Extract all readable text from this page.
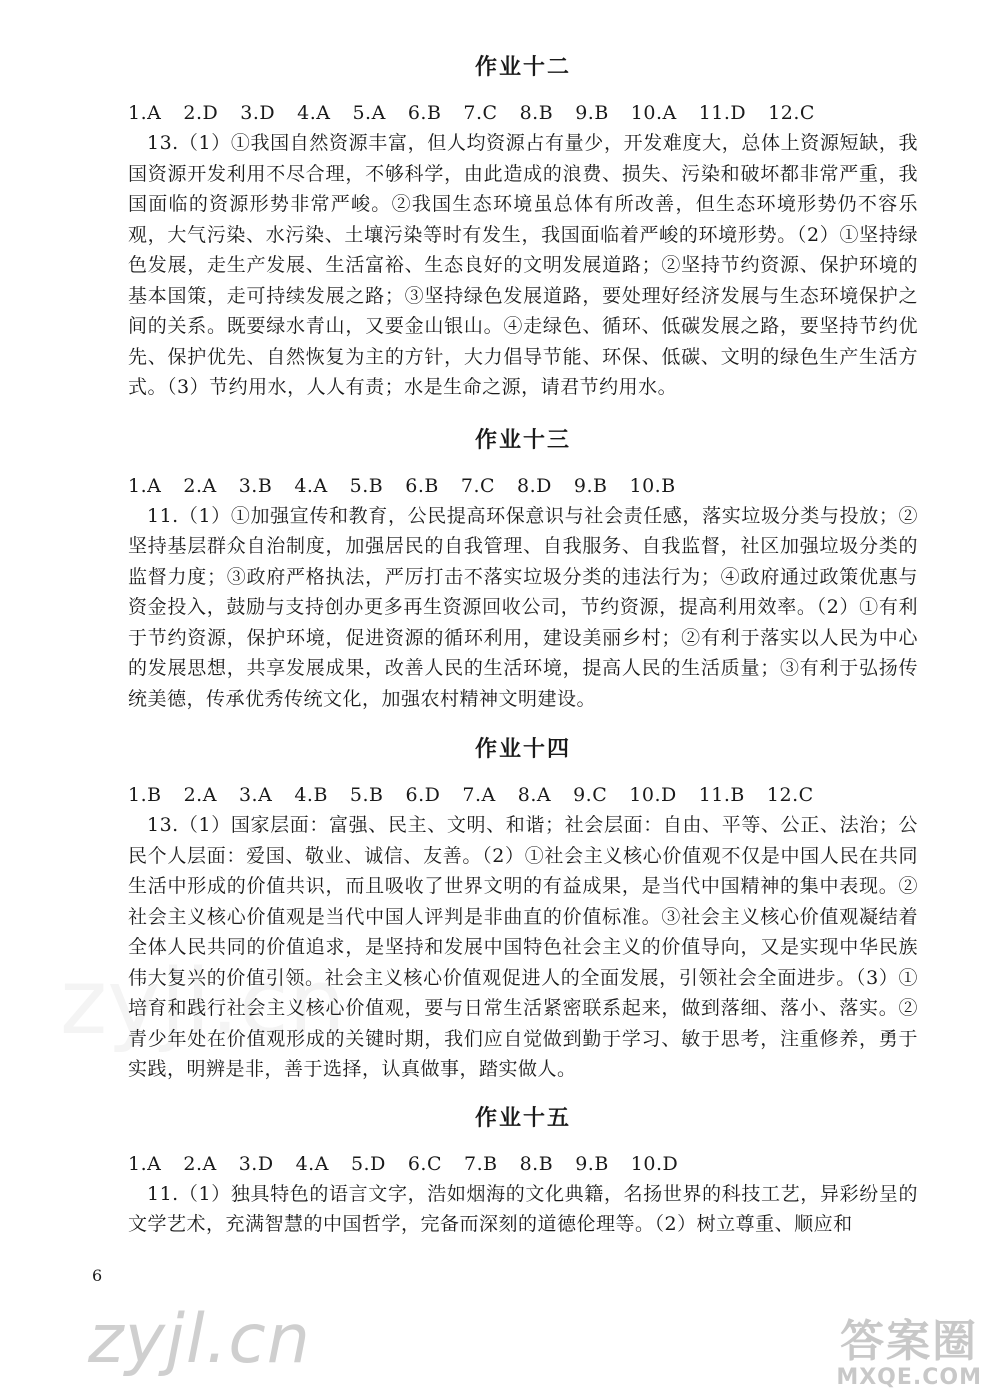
zyjl.cn
作业十二
1.A 2.D 3.D 4.A 5.A 6.B 7.C 8.B 9.B 10.A 11.D 12.C

13.（1）①我国自然资源丰富，但人均资源占有量少，开发难度大，总体上资源短缺，我国资源开发利用不尽合理，不够科学，由此造成的浪费、损失、污染和破坏都非常严重，我国面临的资源形势非常严峻。②我国生态环境虽总体有所改善，但生态环境形势仍不容乐观，大气污染、水污染、土壤污染等时有发生，我国面临着严峻的环境形势。（2）①坚持绿色发展，走生产发展、生活富裕、生态良好的文明发展道路；②坚持节约资源、保护环境的基本国策，走可持续发展之路；③坚持绿色发展道路，要处理好经济发展与生态环境保护之间的关系。既要绿水青山，又要金山银山。④走绿色、循环、低碳发展之路，要坚持节约优先、保护优先、自然恢复为主的方针，大力倡导节能、环保、低碳、文明的绿色生产生活方式。（3）节约用水，人人有责；水是生命之源，请君节约用水。

作业十三
1.A 2.A 3.B 4.A 5.B 6.B 7.C 8.D 9.B 10.B

11.（1）①加强宣传和教育，公民提高环保意识与社会责任感，落实垃圾分类与投放；②坚持基层群众自治制度，加强居民的自我管理、自我服务、自我监督，社区加强垃圾分类的监督力度；③政府严格执法，严厉打击不落实垃圾分类的违法行为；④政府通过政策优惠与资金投入，鼓励与支持创办更多再生资源回收公司，节约资源，提高利用效率。（2）①有利于节约资源，保护环境，促进资源的循环利用，建设美丽乡村；②有利于落实以人民为中心的发展思想，共享发展成果，改善人民的生活环境，提高人民的生活质量；③有利于弘扬传统美德，传承优秀传统文化，加强农村精神文明建设。

作业十四
1.B 2.A 3.A 4.B 5.B 6.D 7.A 8.A 9.C 10.D 11.B 12.C

13.（1）国家层面：富强、民主、文明、和谐；社会层面：自由、平等、公正、法治；公民个人层面：爱国、敬业、诚信、友善。（2）①社会主义核心价值观不仅是中国人民在共同生活中形成的价值共识，而且吸收了世界文明的有益成果，是当代中国精神的集中表现。②社会主义核心价值观是当代中国人评判是非曲直的价值标准。③社会主义核心价值观凝结着全体人民共同的价值追求，是坚持和发展中国特色社会主义的价值导向，又是实现中华民族伟大复兴的价值引领。社会主义核心价值观促进人的全面发展，引领社会全面进步。（3）①培育和践行社会主义核心价值观，要与日常生活紧密联系起来，做到落细、落小、落实。②青少年处在价值观形成的关键时期，我们应自觉做到勤于学习、敏于思考，注重修养，勇于实践，明辨是非，善于选择，认真做事，踏实做人。

作业十五
1.A 2.A 3.D 4.A 5.D 6.C 7.B 8.B 9.B 10.D

11.（1）独具特色的语言文字，浩如烟海的文化典籍，名扬世界的科技工艺，异彩纷呈的文学艺术，充满智慧的中国哲学，完备而深刻的道德伦理等。（2）树立尊重、顺应和

6
zyjl.cn	答案圈
MXQE.COM
